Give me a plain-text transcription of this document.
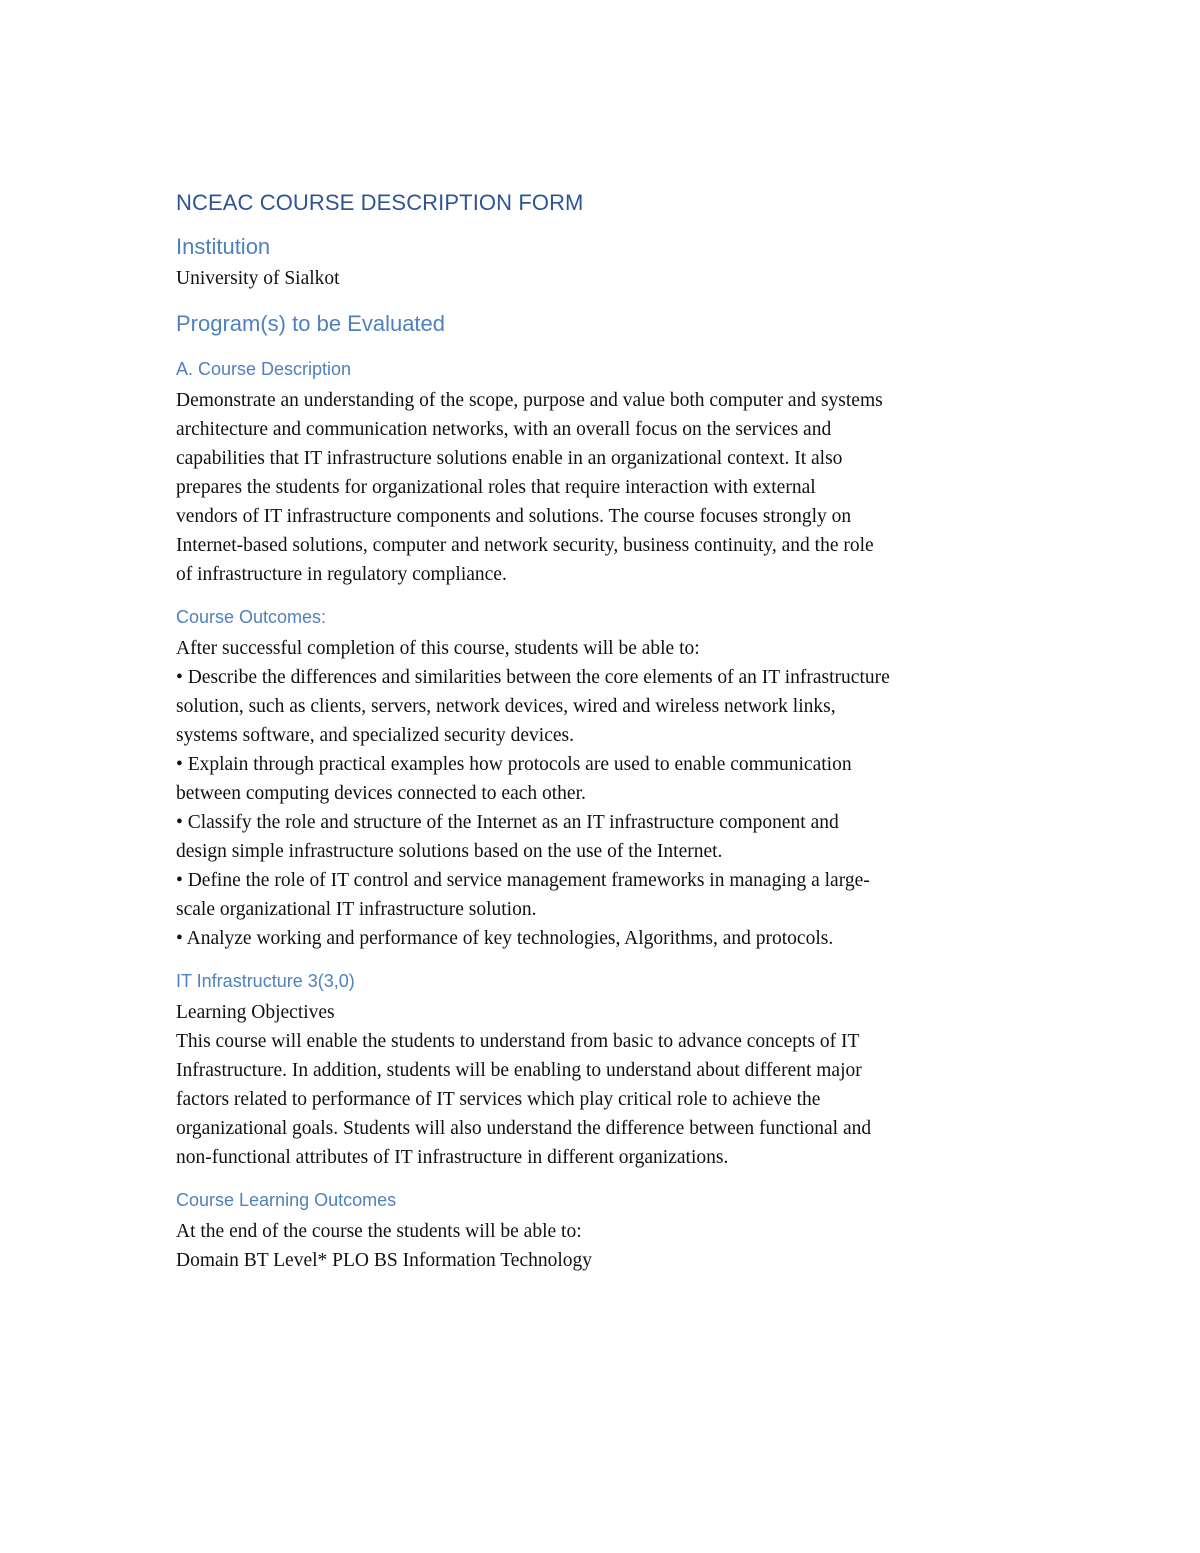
NCEAC COURSE DESCRIPTION FORM
Institution

University of Sialkot

Program(s) to be Evaluated
A. Course Description

Demonstrate an understanding of the scope, purpose and value both computer and systems

architecture and communication networks, with an overall focus on the services and

capabilities that IT infrastructure solutions enable in an organizational context. It also

prepares the students for organizational roles that require interaction with external

vendors of IT infrastructure components and solutions. The course focuses strongly on

Internet-based solutions, computer and network security, business continuity, and the role

of infrastructure in regulatory compliance.

Course Outcomes:

After successful completion of this course, students will be able to:

• Describe the differences and similarities between the core elements of an IT infrastructure

solution, such as clients, servers, network devices, wired and wireless network links,

systems software, and specialized security devices.

• Explain through practical examples how protocols are used to enable communication

between computing devices connected to each other.

• Classify the role and structure of the Internet as an IT infrastructure component and

design simple infrastructure solutions based on the use of the Internet.

• Define the role of IT control and service management frameworks in managing a large-

scale organizational IT infrastructure solution.

• Analyze working and performance of key technologies, Algorithms, and protocols.

IT Infrastructure 3(3,0)

Learning Objectives

This course will enable the students to understand from basic to advance concepts of IT

Infrastructure. In addition, students will be enabling to understand about different major

factors related to performance of IT services which play critical role to achieve the

organizational goals. Students will also understand the difference between functional and

non-functional attributes of IT infrastructure in different organizations.

Course Learning Outcomes

At the end of the course the students will be able to:

Domain BT Level* PLO BS Information Technology
